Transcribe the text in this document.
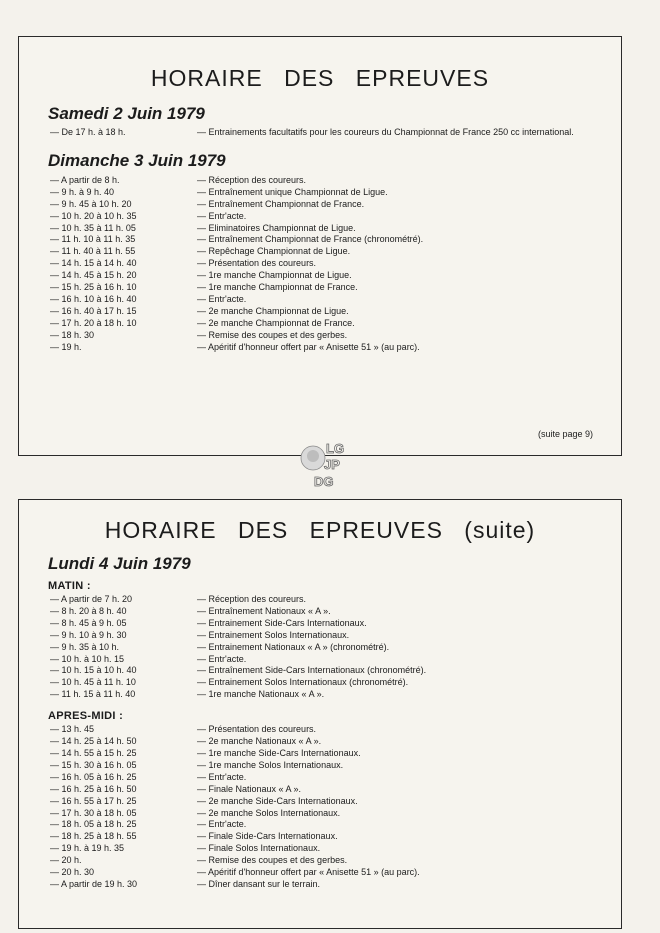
HORAIRE DES EPREUVES
Samedi 2 Juin 1979
— De 17 h. à 18 h.	— Entrainements facultatifs pour les coureurs du Championnat de France 250 cc international.
Dimanche 3 Juin 1979
— A partir de 8 h.	— Réception des coureurs.
— 9 h. à 9 h. 40	— Entraînement unique Championnat de Ligue.
— 9 h. 45 à 10 h. 20	— Entraînement Championnat de France.
— 10 h. 20 à 10 h. 35	— Entr'acte.
— 10 h. 35 à 11 h. 05	— Eliminatoires Championnat de Ligue.
— 11 h. 10 à 11 h. 35	— Entraînement Championnat de France (chronométré).
— 11 h. 40 à 11 h. 55	— Repêchage Championnat de Ligue.
— 14 h. 15 à 14 h. 40	— Présentation des coureurs.
— 14 h. 45 à 15 h. 20	— 1re manche Championnat de Ligue.
— 15 h. 25 à 16 h. 10	— 1re manche Championnat de France.
— 16 h. 10 à 16 h. 40	— Entr'acte.
— 16 h. 40 à 17 h. 15	— 2e manche Championnat de Ligue.
— 17 h. 20 à 18 h. 10	— 2e manche Championnat de France.
— 18 h. 30	— Remise des coupes et des gerbes.
— 19 h.	— Apéritif d'honneur offert par « Anisette 51 » (au parc).
(suite page 9)
LG
JP
DG
HORAIRE DES EPREUVES (suite)
Lundi 4 Juin 1979
MATIN :
— A partir de 7 h. 20	— Réception des coureurs.
— 8 h. 20 à 8 h. 40	— Entraînement Nationaux « A ».
— 8 h. 45 à 9 h. 05	— Entrainement Side-Cars Internationaux.
— 9 h. 10 à 9 h. 30	— Entrainement Solos Internationaux.
— 9 h. 35 à 10 h.	— Entrainement Nationaux « A » (chronométré).
— 10 h. à 10 h. 15	— Entr'acte.
— 10 h. 15 à 10 h. 40	— Entraînement Side-Cars Internationaux (chronométré).
— 10 h. 45 à 11 h. 10	— Entrainement Solos Internationaux (chronométré).
— 11 h. 15 à 11 h. 40	— 1re manche Nationaux « A ».
APRES-MIDI :
— 13 h. 45	— Présentation des coureurs.
— 14 h. 25 à 14 h. 50	— 2e manche Nationaux « A ».
— 14 h. 55 à 15 h. 25	— 1re manche Side-Cars Internationaux.
— 15 h. 30 à 16 h. 05	— 1re manche Solos Internationaux.
— 16 h. 05 à 16 h. 25	— Entr'acte.
— 16 h. 25 à 16 h. 50	— Finale Nationaux « A ».
— 16 h. 55 à 17 h. 25	— 2e manche Side-Cars Internationaux.
— 17 h. 30 à 18 h. 05	— 2e manche Solos Internationaux.
— 18 h. 05 à 18 h. 25	— Entr'acte.
— 18 h. 25 à 18 h. 55	— Finale Side-Cars Internationaux.
— 19 h. à 19 h. 35	— Finale Solos Internationaux.
— 20 h.	— Remise des coupes et des gerbes.
— 20 h. 30	— Apéritif d'honneur offert par « Anisette 51 » (au parc).
— A partir de 19 h. 30	— Dîner dansant sur le terrain.
